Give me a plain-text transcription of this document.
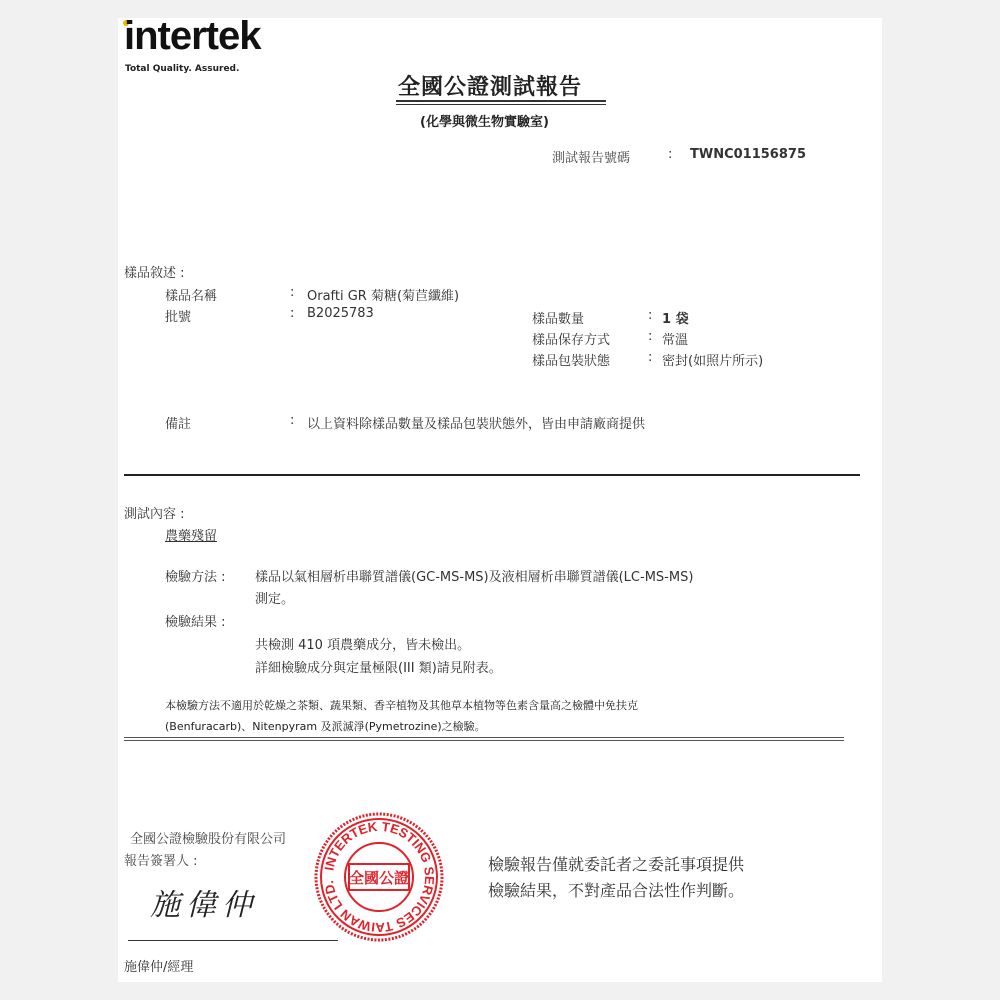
intertek
Total Quality. Assured.
全國公證測試報告
(化學與微生物實驗室)
測試報告號碼	: TWNC01156875
樣品敘述 :
樣品名稱	: Orafti GR 菊糖(菊苣纖維)
批號	: B2025783	樣品數量	: 1 袋
樣品保存方式	: 常溫
樣品包裝狀態	: 密封(如照片所示)
備註	: 以上資料除樣品數量及樣品包裝狀態外，皆由申請廠商提供
測試內容 :
農藥殘留
檢驗方法 : 樣品以氣相層析串聯質譜儀(GC-MS-MS)及液相層析串聯質譜儀(LC-MS-MS)
測定。
檢驗結果 :
共檢測 410 項農藥成分，皆未檢出。
詳細檢驗成分與定量極限(III 類)請見附表。
本檢驗方法不適用於乾燥之茶類、蔬果類、香辛植物及其他草本植物等色素含量高之檢體中免扶克
(Benfuracarb)、Nitenpyram 及派滅淨(Pymetrozine)之檢驗。
全國公證檢驗股份有限公司
報告簽署人 :
施偉仲
施偉仲/經理
INTERTEK TESTING SERVICES TAIWAN LTD. 全國公證
檢驗報告僅就委託者之委託事項提供
檢驗結果，不對產品合法性作判斷。
